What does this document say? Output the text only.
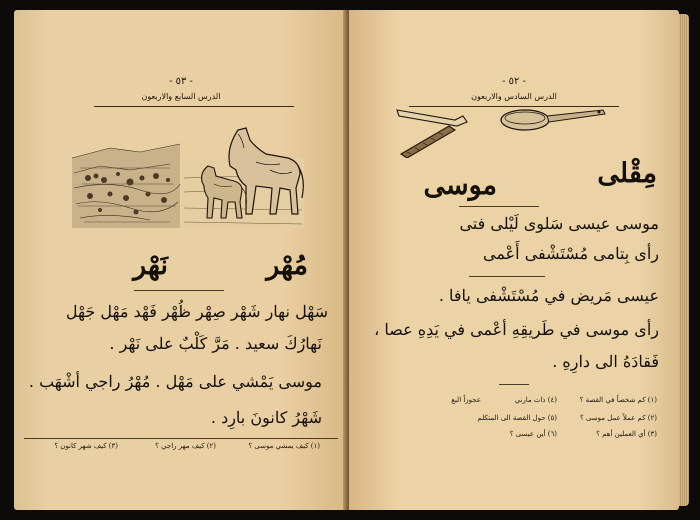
- ٥٣ -
الدرس السابع والاربعون
مُهْر
نَهْر
سَهْل نهار شَهْر صِهْر ظُهْر فَهْد مَهْل جَهْل
نَهارُكَ سعيد . مَرَّ كَلْبٌ على نَهْر .
موسى يَمْشي على مَهْل . مُهْرُ راجي أشْهَب .
شَهْرُ كانونَ بارِد .
(١) كيف يمشي موسى ؟
(٢) كيف مهر راجي ؟
(٣) كيف شهر كانون ؟
- ٥٢ -
الدرس السادس والاربعون
مِقْلى
موسى
موسى عيسى سَلوى لَيْلى فتى
رأى بِتامى مُسْتَشْفى أَعْمى
عيسى مَريض في مُسْتَشْفى يافا .
رأى موسى في طَريقِهِ أعْمى في يَدِهِ عصا ،
فَقادَهُ الى دارِهِ .
(١) كم شخصاً في القصة ؟
(٤) ذات مارني
عجوزاً البع
(٢) كم عملاً عمل موسى ؟
(٥) حول القصة الى المتكلم
(٣) أي العملين أهم ؟
(٦) أين عيسى ؟
